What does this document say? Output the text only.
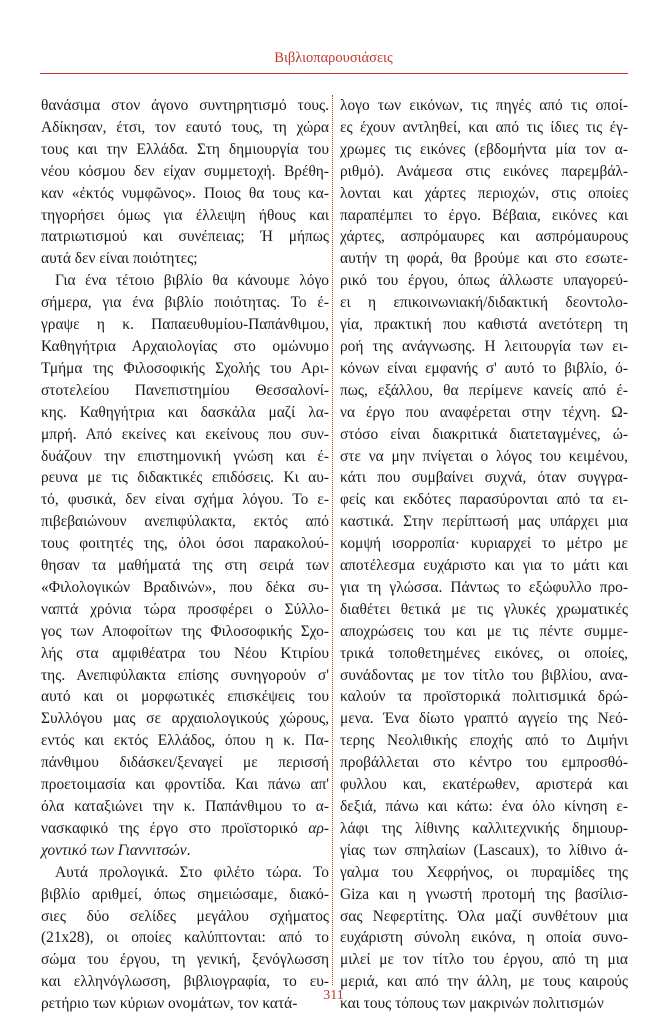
Βιβλιοπαρουσιάσεις
θανάσιμα στον άγονο συντηρητισμό τους.
Αδίκησαν, έτσι, τον εαυτό τους, τη χώρα
τους και την Ελλάδα. Στη δημιουργία του
νέου κόσμου δεν είχαν συμμετοχή. Βρέθη-
καν «ἐκτός νυμφῶνος». Ποιος θα τους κα-
τηγορήσει όμως για έλλειψη ήθους και
πατριωτισμού και συνέπειας; Ή μήπως
αυτά δεν είναι ποιότητες;
Για ένα τέτοιο βιβλίο θα κάνουμε λόγο
σήμερα, για ένα βιβλίο ποιότητας. Το έ-
γραψε η κ. Παπαευθυμίου-Παπάνθιμου,
Καθηγήτρια Αρχαιολογίας στο ομώνυμο
Τμήμα της Φιλοσοφικής Σχολής του Αρι-
στοτελείου Πανεπιστημίου Θεσσαλονί-
κης. Καθηγήτρια και δασκάλα μαζί λα-
μπρή. Από εκείνες και εκείνους που συν-
δυάζουν την επιστημονική γνώση και έ-
ρευνα με τις διδακτικές επιδόσεις. Κι αυ-
τό, φυσικά, δεν είναι σχήμα λόγου. Το ε-
πιβεβαιώνουν ανεπιφύλακτα, εκτός από
τους φοιτητές της, όλοι όσοι παρακολού-
θησαν τα μαθήματά της στη σειρά των
«Φιλολογικών Βραδινών», που δέκα συ-
ναπτά χρόνια τώρα προσφέρει ο Σύλλο-
γος των Αποφοίτων της Φιλοσοφικής Σχο-
λής στα αμφιθέατρα του Νέου Κτιρίου
της. Ανεπιφύλακτα επίσης συνηγορούν σ'
αυτό και οι μορφωτικές επισκέψεις του
Συλλόγου μας σε αρχαιολογικούς χώρους,
εντός και εκτός Ελλάδος, όπου η κ. Πα-
πάνθιμου διδάσκει/ξεναγεί με περισσή
προετοιμασία και φροντίδα. Και πάνω απ'
όλα καταξιώνει την κ. Παπάνθιμου το α-
νασκαφικό της έργο στο προϊστορικό αρ-
χοντικό των Γιαννιτσών.
Αυτά προλογικά. Στο φιλέτο τώρα. Το
βιβλίο αριθμεί, όπως σημειώσαμε, διακό-
σιες δύο σελίδες μεγάλου σχήματος
(21x28), οι οποίες καλύπτονται: από το
σώμα του έργου, τη γενική, ξενόγλωσση
και ελληνόγλωσση, βιβλιογραφία, το ευ-
ρετήριο των κύριων ονομάτων, τον κατά-
λογο των εικόνων, τις πηγές από τις οποί-
ες έχουν αντληθεί, και από τις ίδιες τις έγ-
χρωμες τις εικόνες (εβδομήντα μία τον α-
ριθμό). Ανάμεσα στις εικόνες παρεμβάλ-
λονται και χάρτες περιοχών, στις οποίες
παραπέμπει το έργο. Βέβαια, εικόνες και
χάρτες, ασπρόμαυρες και ασπρόμαυρους
αυτήν τη φορά, θα βρούμε και στο εσωτε-
ρικό του έργου, όπως άλλωστε υπαγορεύ-
ει η επικοινωνιακή/διδακτική δεοντολο-
γία, πρακτική που καθιστά ανετότερη τη
ροή της ανάγνωσης. Η λειτουργία των ει-
κόνων είναι εμφανής σ' αυτό το βιβλίο, ό-
πως, εξάλλου, θα περίμενε κανείς από έ-
να έργο που αναφέρεται στην τέχνη. Ω-
στόσο είναι διακριτικά διατεταγμένες, ώ-
στε να μην πνίγεται ο λόγος του κειμένου,
κάτι που συμβαίνει συχνά, όταν συγγρα-
φείς και εκδότες παρασύρονται από τα ει-
καστικά. Στην περίπτωσή μας υπάρχει μια
κομψή ισορροπία· κυριαρχεί το μέτρο με
αποτέλεσμα ευχάριστο και για το μάτι και
για τη γλώσσα. Πάντως το εξώφυλλο προ-
διαθέτει θετικά με τις γλυκές χρωματικές
αποχρώσεις του και με τις πέντε συμμε-
τρικά τοποθετημένες εικόνες, οι οποίες,
συνάδοντας με τον τίτλο του βιβλίου, ανα-
καλούν τα προϊστορικά πολιτισμικά δρώ-
μενα. Ένα δίωτο γραπτό αγγείο της Νεό-
τερης Νεολιθικής εποχής από το Διμήνι
προβάλλεται στο κέντρο του εμπροσθό-
φυλλου και, εκατέρωθεν, αριστερά και
δεξιά, πάνω και κάτω: ένα όλο κίνηση ε-
λάφι της λίθινης καλλιτεχνικής δημιουρ-
γίας των σπηλαίων (Lascaux), το λίθινο ά-
γαλμα του Χεφρήνος, οι πυραμίδες της
Giza και η γνωστή προτομή της βασίλισ-
σας Νεφερτίτης. Όλα μαζί συνθέτουν μια
ευχάριστη σύνολη εικόνα, η οποία συνο-
μιλεί με τον τίτλο του έργου, από τη μια
μεριά, και από την άλλη, με τους καιρούς
και τους τόπους των μακρινών πολιτισμών
311
